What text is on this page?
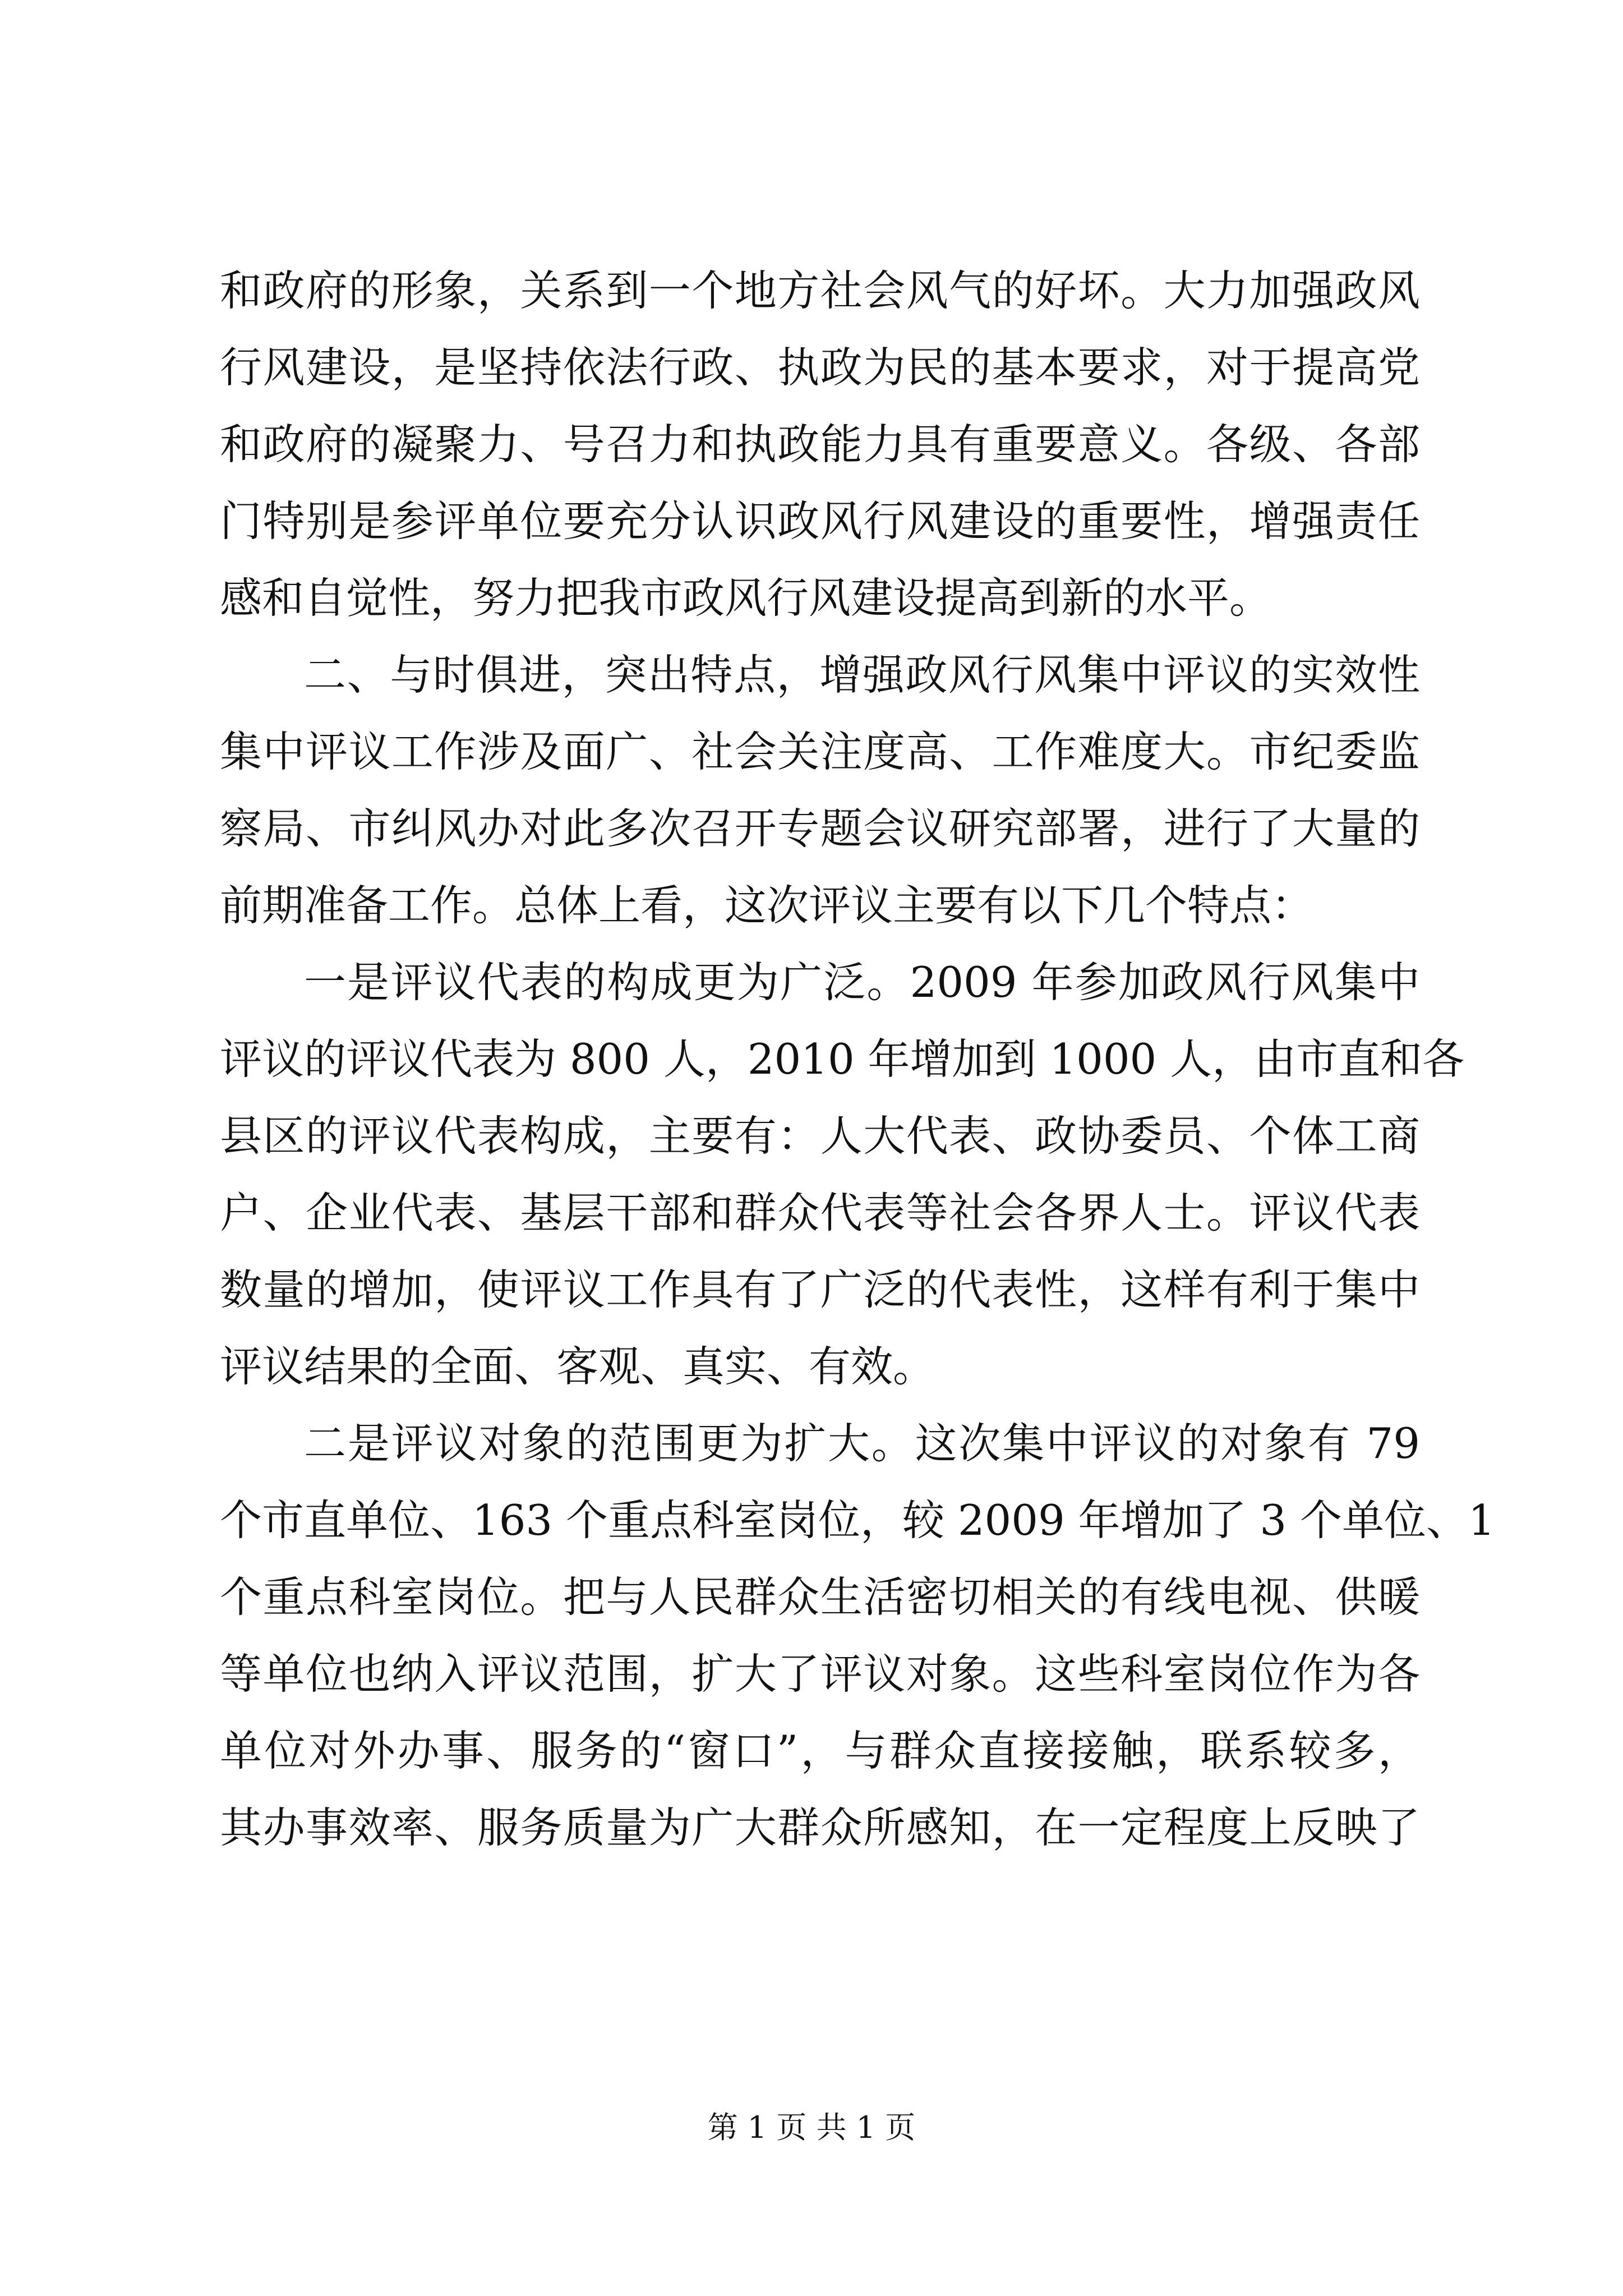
和政府的形象，关系到一个地方社会风气的好坏。大力加强政风
行风建设，是坚持依法行政、执政为民的基本要求，对于提高党
和政府的凝聚力、号召力和执政能力具有重要意义。各级、各部
门特别是参评单位要充分认识政风行风建设的重要性，增强责任
感和自觉性，努力把我市政风行风建设提高到新的水平。
二、与时俱进，突出特点，增强政风行风集中评议的实效性
集中评议工作涉及面广、社会关注度高、工作难度大。市纪委监
察局、市纠风办对此多次召开专题会议研究部署，进行了大量的
前期准备工作。总体上看，这次评议主要有以下几个特点：
一是评议代表的构成更为广泛。2009 年参加政风行风集中
评议的评议代表为 800 人，2010 年增加到 1000 人，由市直和各
县区的评议代表构成，主要有：人大代表、政协委员、个体工商
户、企业代表、基层干部和群众代表等社会各界人士。评议代表
数量的增加，使评议工作具有了广泛的代表性，这样有利于集中
评议结果的全面、客观、真实、有效。
二是评议对象的范围更为扩大。这次集中评议的对象有 79
个市直单位、163 个重点科室岗位，较 2009 年增加了 3 个单位、1
个重点科室岗位。把与人民群众生活密切相关的有线电视、供暖
等单位也纳入评议范围，扩大了评议对象。这些科室岗位作为各
单位对外办事、服务的“窗口”，与群众直接接触，联系较多，
其办事效率、服务质量为广大群众所感知，在一定程度上反映了
第 1 页 共 1 页
